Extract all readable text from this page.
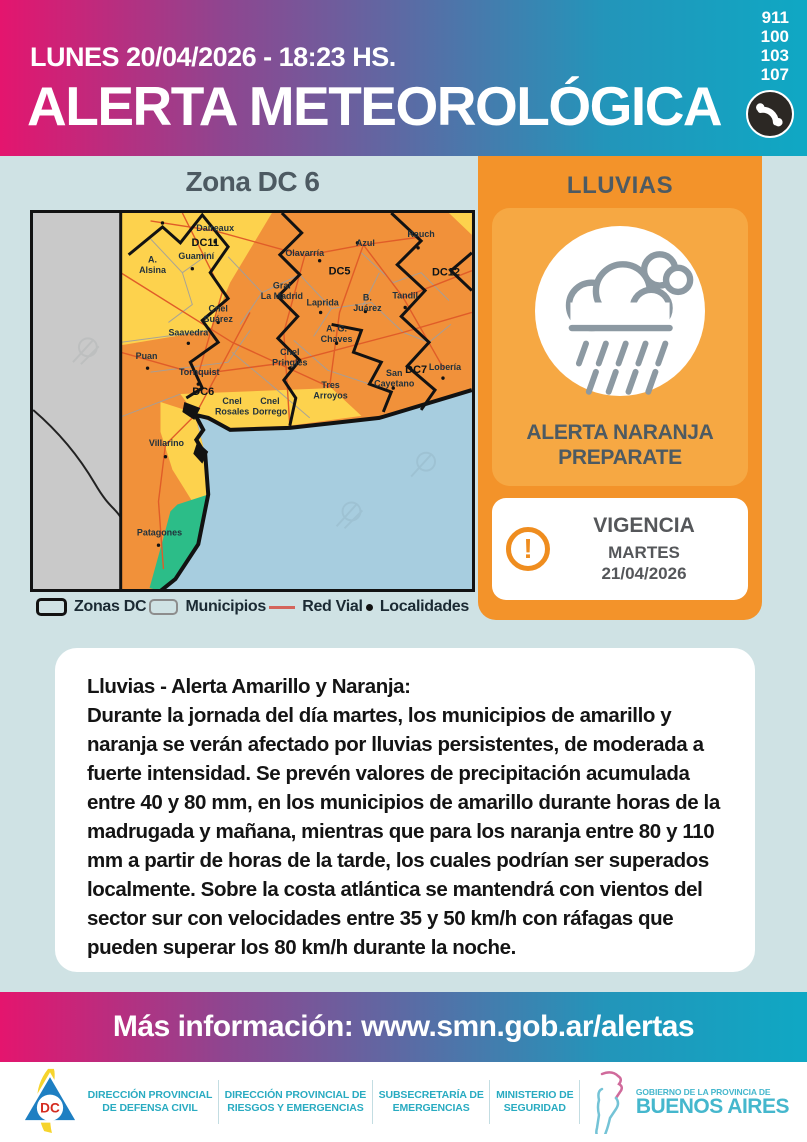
LUNES 20/04/2026 - 18:23 HS.
ALERTA METEOROLÓGICA
911
100
103
107
Zona DC 6
Daireaux
DC11
A. Alsina
Guaminí	Olavarría
Azul
Rauch
DC5	DC12
Gral La Madrid
Laprida	B. Juárez
Tandil
Cnel Suárez
Saavedra	A. G. Chaves
Puan	Cnel Pringles
Tornquist	San Cayetano
DC7 Lobería
DC6
Cnel Rosales
Cnel Dorrego
Tres Arroyos
Villarino
Patagones
Zonas DC Municipios Red Vial Localidades
LLUVIAS
ALERTA NARANJA
PREPARATE
!
VIGENCIA
MARTES
21/04/2026

Lluvias - Alerta Amarillo y Naranja:
Durante la jornada del día martes, los municipios de amarillo y naranja se verán afectado por lluvias persistentes, de moderada a fuerte intensidad. Se prevén valores de precipitación acumulada entre 40 y 80 mm, en los municipios de amarillo durante horas de la madrugada y mañana, mientras que para los naranja entre 80 y 110 mm a partir de horas de la tarde, los cuales podrían ser superados localmente. Sobre la costa atlántica se mantendrá con vientos del sector sur con velocidades entre 35 y 50 km/h con ráfagas que pueden superar los 80 km/h durante la noche.

Más información: www.smn.gob.ar/alertas
DC
DIRECCIÓN PROVINCIAL
DE DEFENSA CIVIL
DIRECCIÓN PROVINCIAL DE
RIESGOS Y EMERGENCIAS
SUBSECRETARÍA DE
EMERGENCIAS
MINISTERIO DE
SEGURIDAD
GOBIERNO DE LA PROVINCIA DE
BUENOS AIRES
